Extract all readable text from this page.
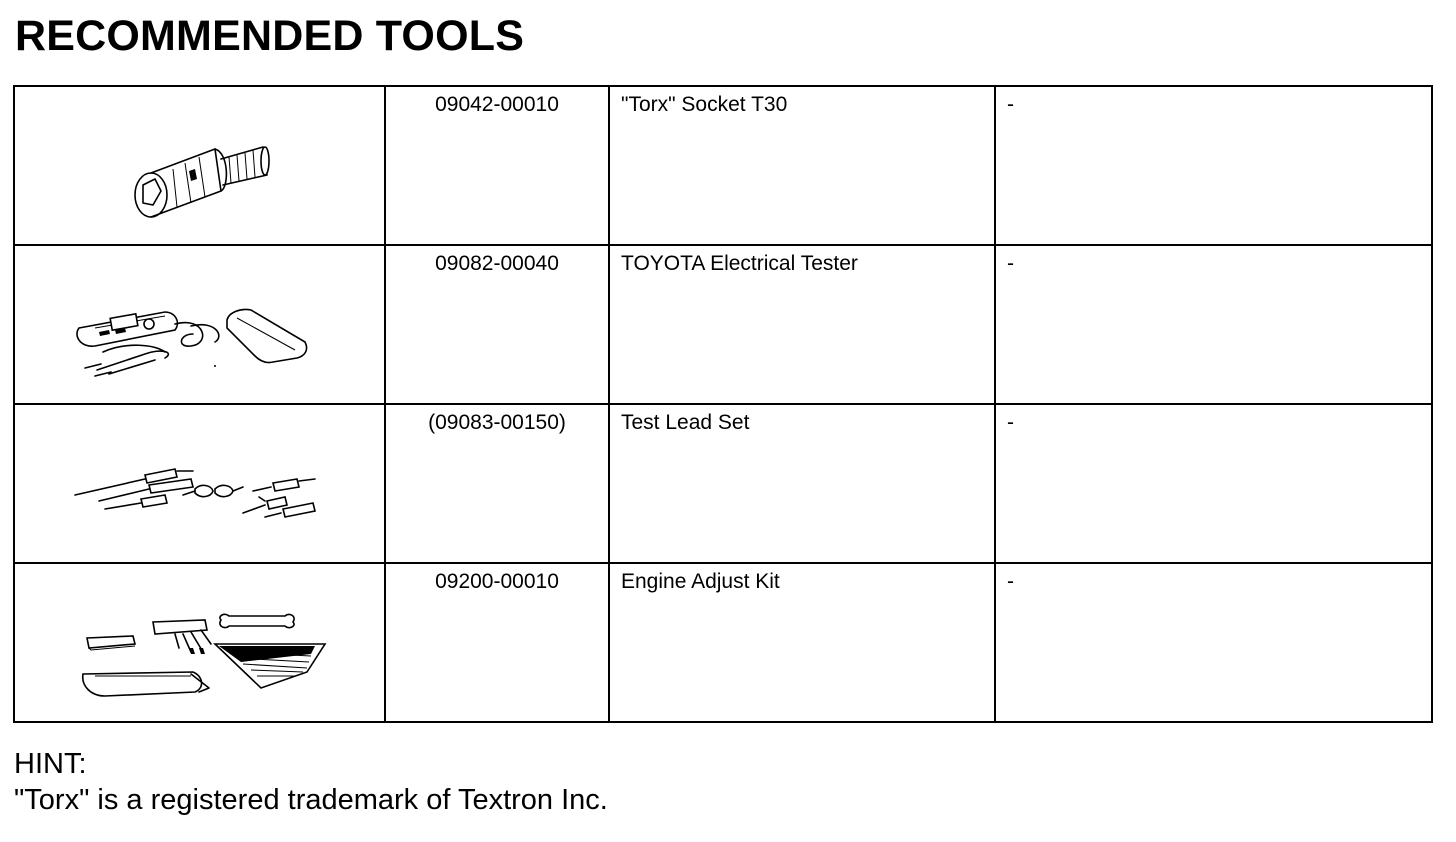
RECOMMENDED TOOLS

09042-00010	"Torx" Socket T30	-

09082-00040	TOYOTA Electrical Tester	-

(09083-00150)	Test Lead Set	-

09200-00010	Engine Adjust Kit	-
HINT:
"Torx" is a registered trademark of Textron Inc.
